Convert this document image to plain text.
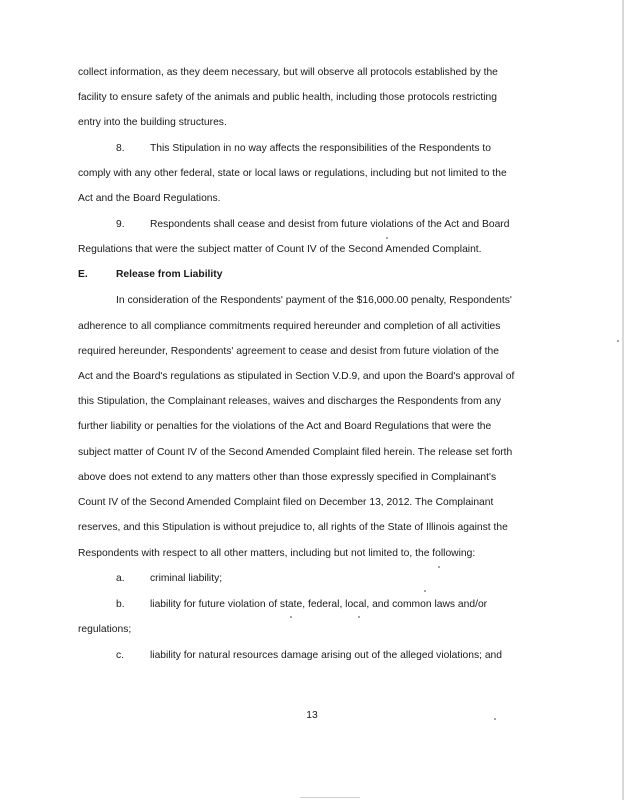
collect information, as they deem necessary, but will observe all protocols established by the
facility to ensure safety of the animals and public health, including those protocols restricting
entry into the building structures.
8. This Stipulation in no way affects the responsibilities of the Respondents to
comply with any other federal, state or local laws or regulations, including but not limited to the
Act and the Board Regulations.
9. Respondents shall cease and desist from future violations of the Act and Board
Regulations that were the subject matter of Count IV of the Second Amended Complaint.
E.	Release from Liability
In consideration of the Respondents' payment of the $16,000.00 penalty, Respondents'
adherence to all compliance commitments required hereunder and completion of all activities
required hereunder, Respondents' agreement to cease and desist from future violation of the
Act and the Board's regulations as stipulated in Section V.D.9, and upon the Board's approval of
this Stipulation, the Complainant releases, waives and discharges the Respondents from any
further liability or penalties for the violations of the Act and Board Regulations that were the
subject matter of Count IV of the Second Amended Complaint filed herein. The release set forth
above does not extend to any matters other than those expressly specified in Complainant's
Count IV of the Second Amended Complaint filed on December 13, 2012. The Complainant
reserves, and this Stipulation is without prejudice to, all rights of the State of Illinois against the
Respondents with respect to all other matters, including but not limited to, the following:
a. criminal liability;
b. liability for future violation of state, federal, local, and common laws and/or
regulations;
c.	liability for natural resources damage arising out of the alleged violations; and
13
